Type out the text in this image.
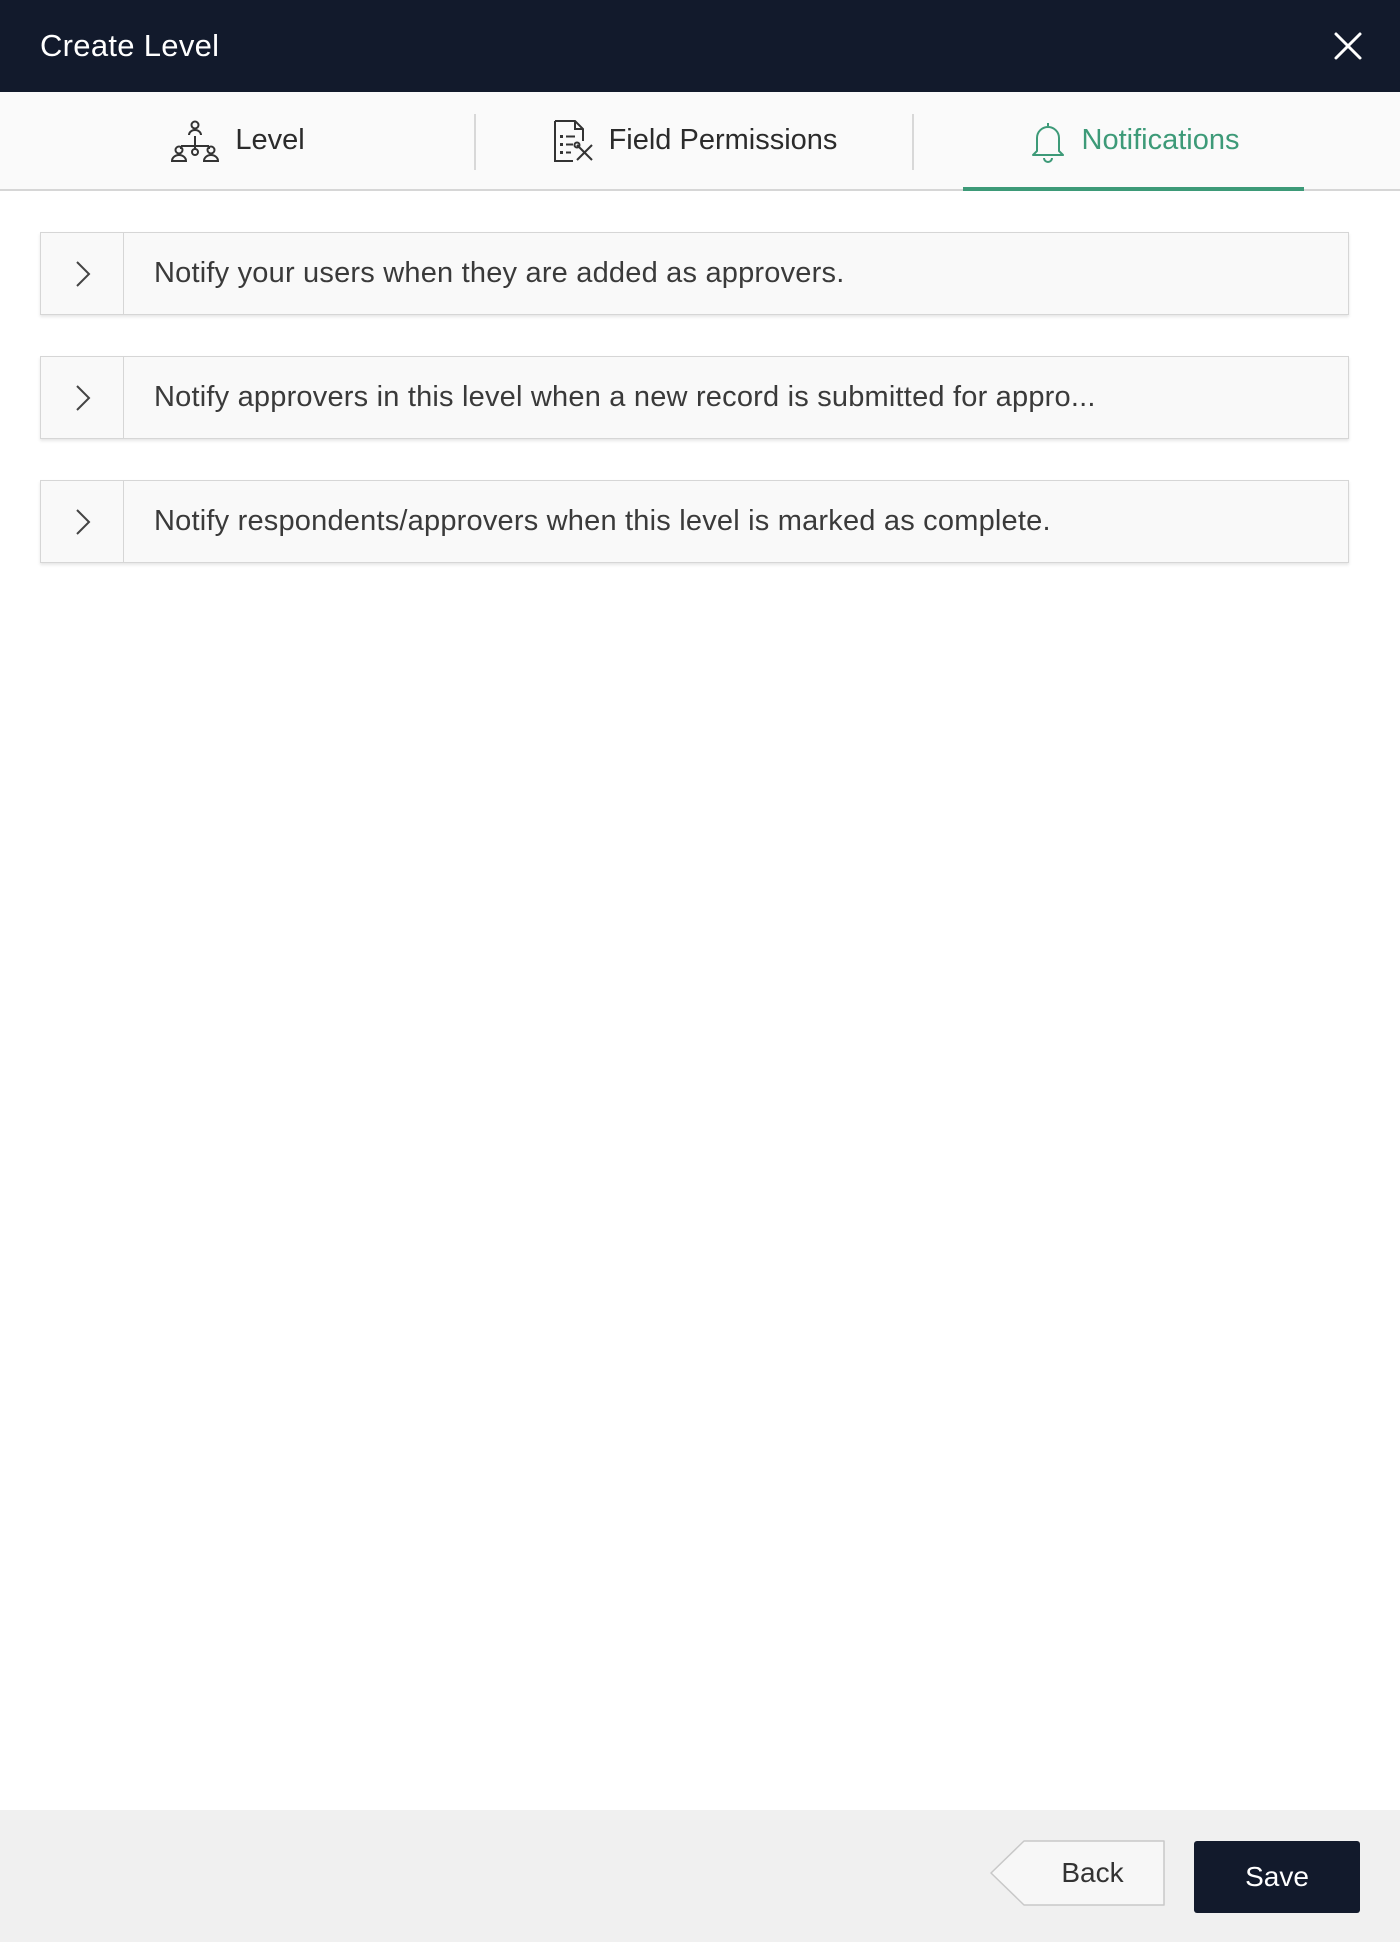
Create Level
Level	Field Permissions	Notifications
Notify your users when they are added as approvers.
Notify approvers in this level when a new record is submitted for appro...
Notify respondents/approvers when this level is marked as complete.
Back	Save
